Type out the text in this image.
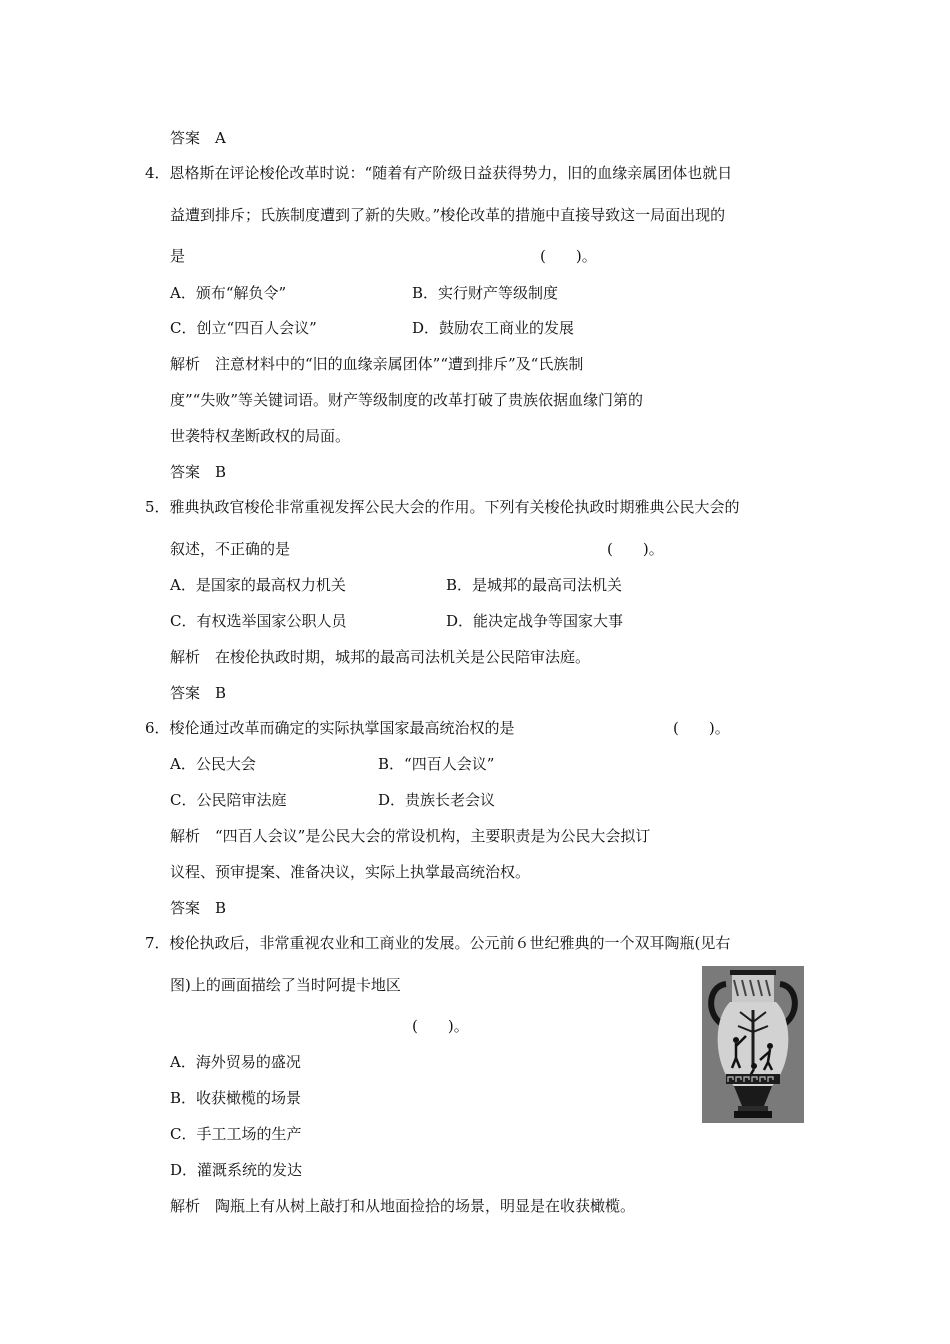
答案　A
4．恩格斯在评论梭伦改革时说：“随着有产阶级日益获得势力，旧的血缘亲属团体也就日
益遭到排斥；氏族制度遭到了新的失败。”梭伦改革的措施中直接导致这一局面出现的
是	(　　)。
A．颁布“解负令”	B．实行财产等级制度
C．创立“四百人会议”	D．鼓励农工商业的发展
解析　注意材料中的“旧的血缘亲属团体”“遭到排斥”及“氏族制
度”“失败”等关键词语。财产等级制度的改革打破了贵族依据血缘门第的
世袭特权垄断政权的局面。
答案　B
5．雅典执政官梭伦非常重视发挥公民大会的作用。下列有关梭伦执政时期雅典公民大会的
叙述，不正确的是	(　　)。
A．是国家的最高权力机关	B．是城邦的最高司法机关
C．有权选举国家公职人员	D．能决定战争等国家大事
解析　在梭伦执政时期，城邦的最高司法机关是公民陪审法庭。
答案　B
6．梭伦通过改革而确定的实际执掌国家最高统治权的是	(　　)。
A．公民大会	B．“四百人会议”
C．公民陪审法庭	D．贵族长老会议
解析　“四百人会议”是公民大会的常设机构，主要职责是为公民大会拟订
议程、预审提案、准备决议，实际上执掌最高统治权。
答案　B
7．梭伦执政后，非常重视农业和工商业的发展。公元前６世纪雅典的一个双耳陶瓶(见右
图)上的画面描绘了当时阿提卡地区
(　　)。
A．海外贸易的盛况
B．收获橄榄的场景
C．手工工场的生产
D．灌溉系统的发达
解析　陶瓶上有从树上敲打和从地面捡拾的场景，明显是在收获橄榄。
